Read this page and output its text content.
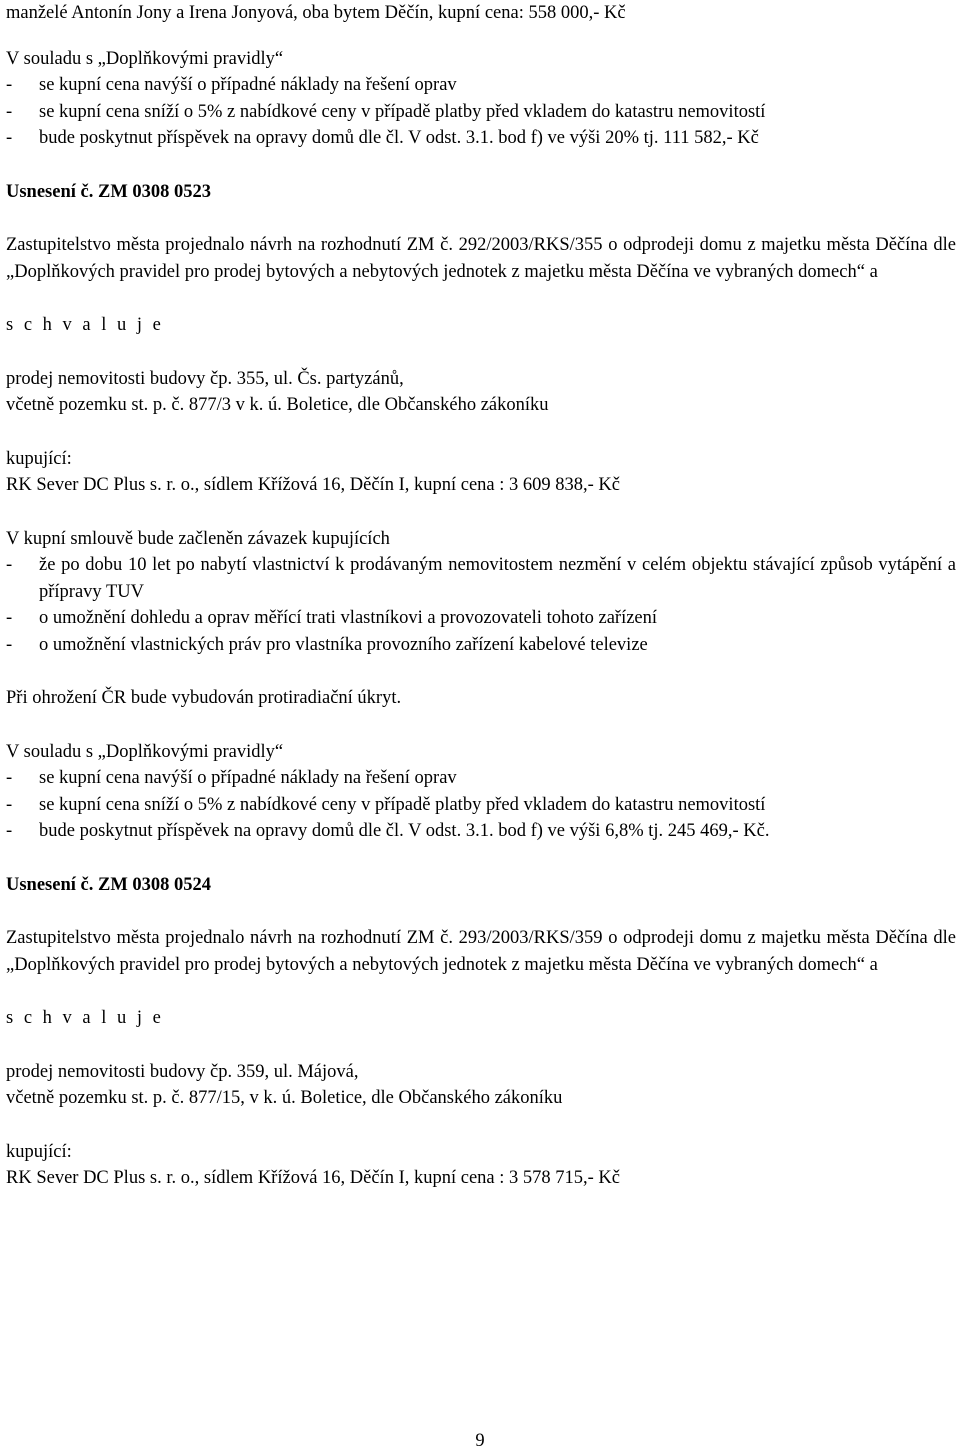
manželé Antonín Jony a Irena Jonyová, oba bytem Děčín, kupní cena: 558 000,- Kč

V souladu s „Doplňkovými pravidly“

- se kupní cena navýší o případné náklady na řešení oprav
- se kupní cena sníží o 5% z nabídkové ceny v případě platby před vkladem do katastru nemovitostí
- bude poskytnut příspěvek na opravy domů dle čl. V odst. 3.1. bod f) ve výši 20% tj. 111 582,- Kč

Usnesení č. ZM 0308 0523

Zastupitelstvo města projednalo návrh na rozhodnutí ZM č. 292/2003/RKS/355 o odprodeji domu z majetku města Děčína dle „Doplňkových pravidel pro prodej bytových a nebytových jednotek z majetku města Děčína ve vybraných domech“ a

s c h v a l u j e

prodej nemovitosti budovy čp. 355, ul. Čs. partyzánů,

včetně pozemku st. p. č. 877/3 v k. ú. Boletice, dle Občanského zákoníku

kupující:

RK Sever DC Plus s. r. o., sídlem Křížová 16, Děčín I, kupní cena : 3 609 838,- Kč

V kupní smlouvě bude začleněn závazek kupujících

- že po dobu 10 let po nabytí vlastnictví k prodávaným nemovitostem nezmění v celém objektu stávající způsob vytápění a přípravy TUV
- o umožnění dohledu a oprav měřící trati vlastníkovi a provozovateli tohoto zařízení
- o umožnění vlastnických práv pro vlastníka provozního zařízení kabelové televize

Při ohrožení ČR bude vybudován protiradiační úkryt.

V souladu s „Doplňkovými pravidly“

- se kupní cena navýší o případné náklady na řešení oprav
- se kupní cena sníží o 5% z nabídkové ceny v případě platby před vkladem do katastru nemovitostí
- bude poskytnut příspěvek na opravy domů dle čl. V odst. 3.1. bod f) ve výši 6,8% tj. 245 469,- Kč.

Usnesení č. ZM 0308 0524

Zastupitelstvo města projednalo návrh na rozhodnutí ZM č. 293/2003/RKS/359 o odprodeji domu z majetku města Děčína dle „Doplňkových pravidel pro prodej bytových a nebytových jednotek z majetku města Děčína ve vybraných domech“ a

s c h v a l u j e

prodej nemovitosti budovy čp. 359, ul. Májová,

včetně pozemku st. p. č. 877/15, v k. ú. Boletice, dle Občanského zákoníku

kupující:

RK Sever DC Plus s. r. o., sídlem Křížová 16, Děčín I, kupní cena : 3 578 715,- Kč

9
